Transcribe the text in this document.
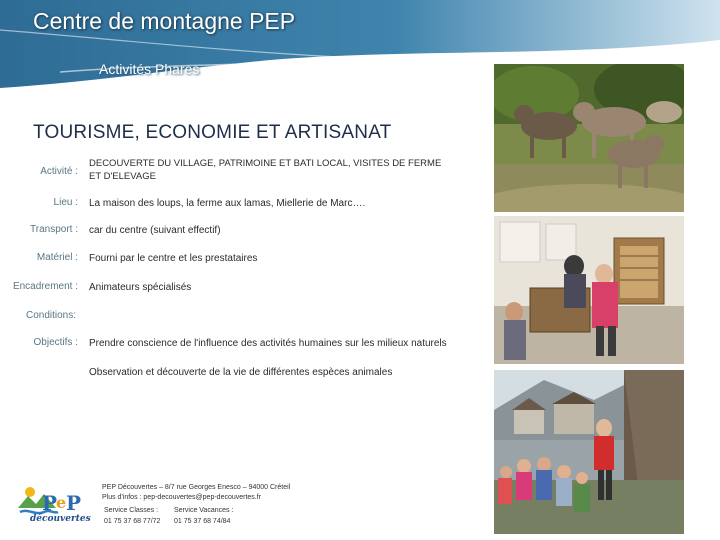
Centre de montagne PEP
Activités Phares
TOURISME, ECONOMIE ET ARTISANAT
Activité :
DECOUVERTE DU VILLAGE, PATRIMOINE ET BATI LOCAL, VISITES DE FERME ET D'ELEVAGE
Lieu : La maison des loups, la ferme aux lamas, Miellerie de Marc….
Transport : car du centre (suivant effectif)
Matériel : Fourni par le centre et les prestataires
Encadrement : Animateurs spécialisés
Conditions:
Objectifs : Prendre conscience de l'influence des activités humaines sur les milieux naturels
Observation et découverte de la vie de différentes espèces animales
P
e P
découvertes
PEP Découvertes – 8/7 rue Georges Enesco – 94000 Créteil
Plus d'infos : pep-decouvertes@pep-decouvertes.fr
Service Classes : Service Vacances :
01 75 37 68 77/72 01 75 37 68 74/84
